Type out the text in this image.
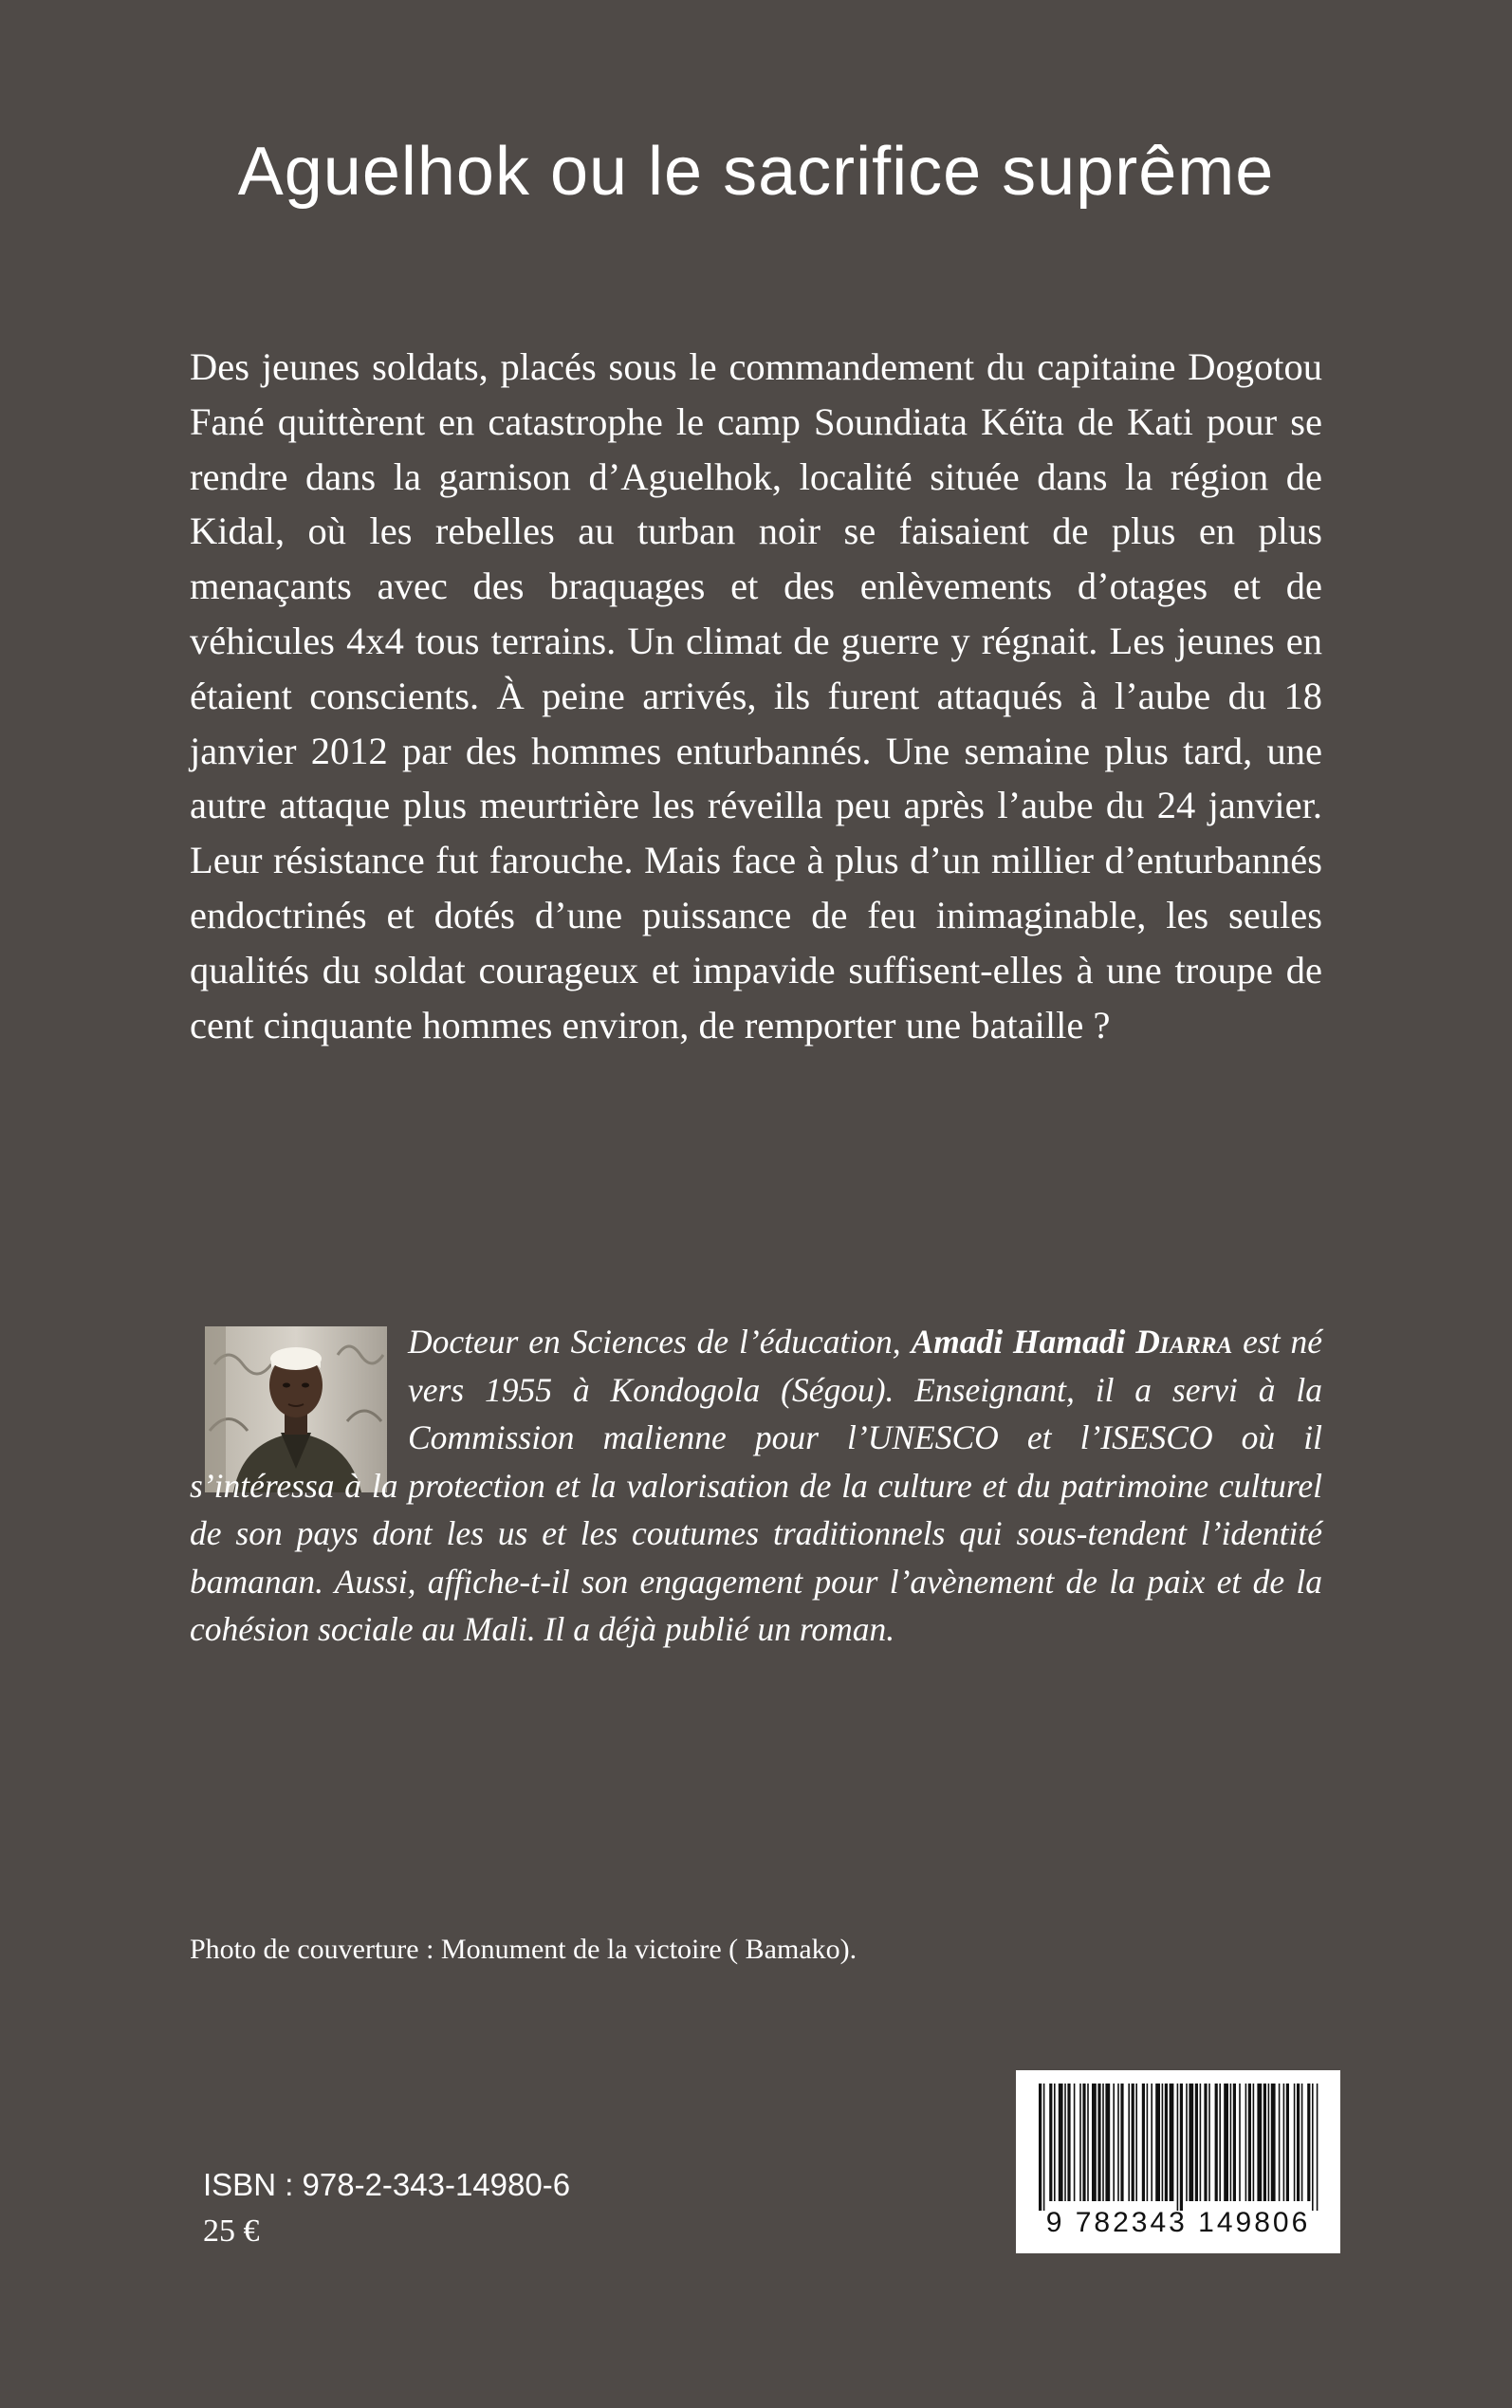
Aguelhok ou le sacrifice suprême

Des jeunes soldats, placés sous le commandement du capitaine Dogotou Fané quittèrent en catastrophe le camp Soundiata Kéïta de Kati pour se rendre dans la garnison d’Aguelhok, localité située dans la région de Kidal, où les rebelles au turban noir se faisaient de plus en plus menaçants avec des braquages et des enlèvements d’otages et de véhicules 4x4 tous terrains. Un climat de guerre y régnait. Les jeunes en étaient conscients. À peine arrivés, ils furent attaqués à l’aube du 18 janvier 2012 par des hommes enturbannés. Une semaine plus tard, une autre attaque plus meurtrière les réveilla peu après l’aube du 24 janvier. Leur résistance fut farouche. Mais face à plus d’un millier d’enturbannés endoctrinés et dotés d’une puissance de feu inimaginable, les seules qualités du soldat courageux et impavide suffisent-elles à une troupe de cent cinquante hommes environ, de remporter une bataille ?

Docteur en Sciences de l’éducation, Amadi Hamadi Diarra est né vers 1955 à Kondogola (Ségou). Enseignant, il a servi à la Commission malienne pour l’UNESCO et l’ISESCO où il s’intéressa à la protection et la valorisation de la culture et du patrimoine culturel de son pays dont les us et les coutumes traditionnels qui sous-tendent l’identité bamanan. Aussi, affiche-t-il son engagement pour l’avènement de la paix et de la cohésion sociale au Mali. Il a déjà publié un roman.

Photo de couverture : Monument de la victoire ( Bamako).

ISBN : 978-2-343-14980-6

25 €	9 782343 149806
